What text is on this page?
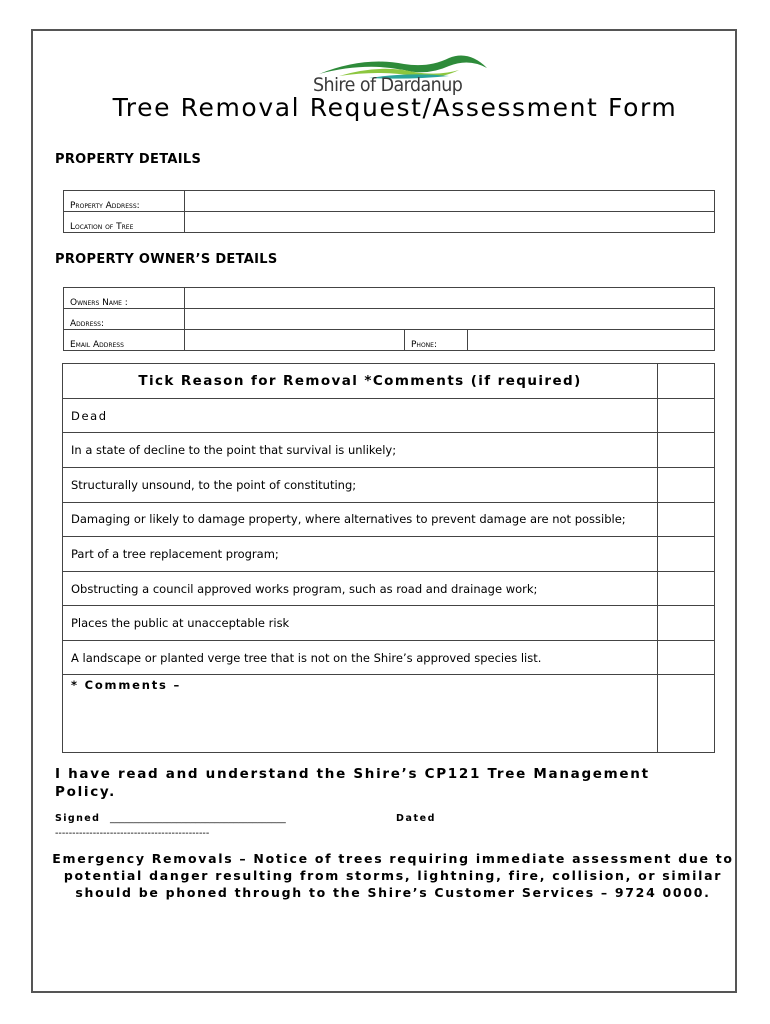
Shire of Dardanup
Tree Removal Request/Assessment Form
PROPERTY DETAILS
Property Address:	
Location of Tree	
PROPERTY OWNER’S DETAILS
Owners Name :			
Address:			
Email Address		Phone:	
Tick Reason for Removal *Comments (if required)	
Dead	
In a state of decline to the point that survival is unlikely;	
Structurally unsound, to the point of constituting;	
Damaging or likely to damage property, where alternatives to prevent damage are not possible;	
Part of a tree replacement program;	
Obstructing a council approved works program, such as road and drainage work;	
Places the public at unacceptable risk	
A landscape or planted verge tree that is not on the Shire’s approved species list.	
* Comments –	
I have read and understand the Shire’s CP121 Tree Management Policy.
Signed _____________________________________	Dated
---------------------------------------------
Emergency Removals – Notice of trees requiring immediate assessment due to potential danger resulting from storms, lightning, fire, collision, or similar should be phoned through to the Shire’s Customer Services – 9724 0000.
